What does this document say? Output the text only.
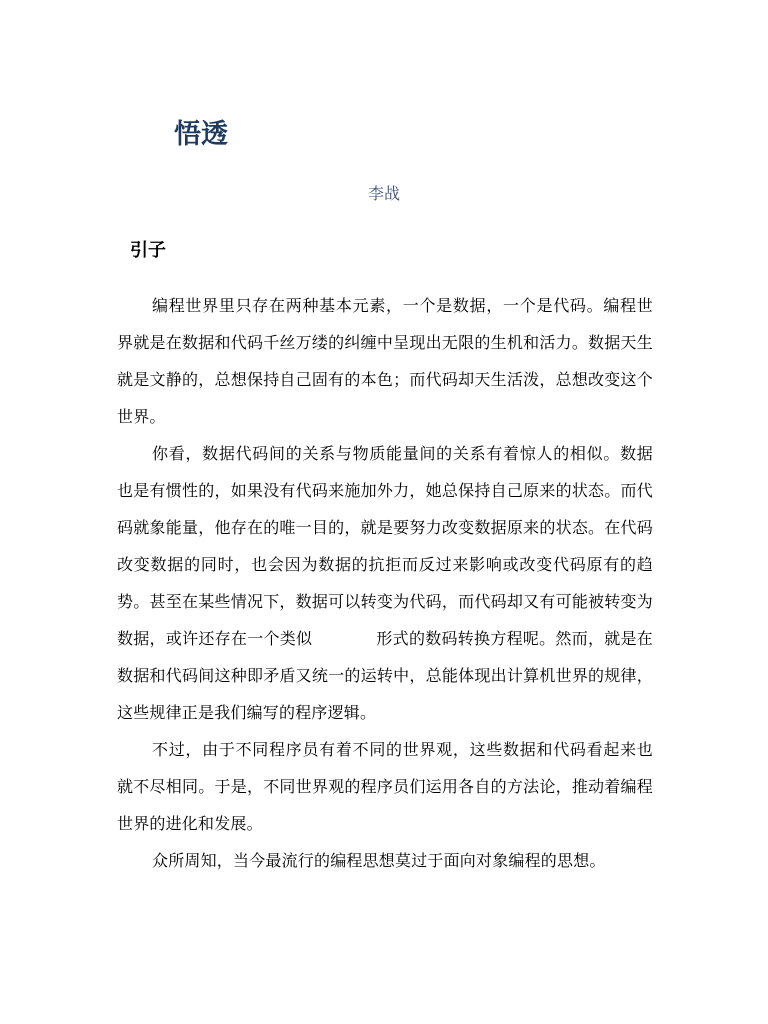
悟透

李战

引子

编程世界里只存在两种基本元素，一个是数据，一个是代码。编程世界就是在数据和代码千丝万缕的纠缠中呈现出无限的生机和活力。数据天生就是文静的，总想保持自己固有的本色；而代码却天生活泼，总想改变这个世界。

你看，数据代码间的关系与物质能量间的关系有着惊人的相似。数据也是有惯性的，如果没有代码来施加外力，她总保持自己原来的状态。而代码就象能量，他存在的唯一目的，就是要努力改变数据原来的状态。在代码改变数据的同时，也会因为数据的抗拒而反过来影响或改变代码原有的趋势。甚至在某些情况下，数据可以转变为代码，而代码却又有可能被转变为数据，或许还存在一个类似	形式的数码转换方程呢。然而，就是在数据和代码间这种即矛盾又统一的运转中，总能体现出计算机世界的规律，这些规律正是我们编写的程序逻辑。

不过，由于不同程序员有着不同的世界观，这些数据和代码看起来也就不尽相同。于是，不同世界观的程序员们运用各自的方法论，推动着编程世界的进化和发展。

众所周知，当今最流行的编程思想莫过于面向对象编程的思想。
